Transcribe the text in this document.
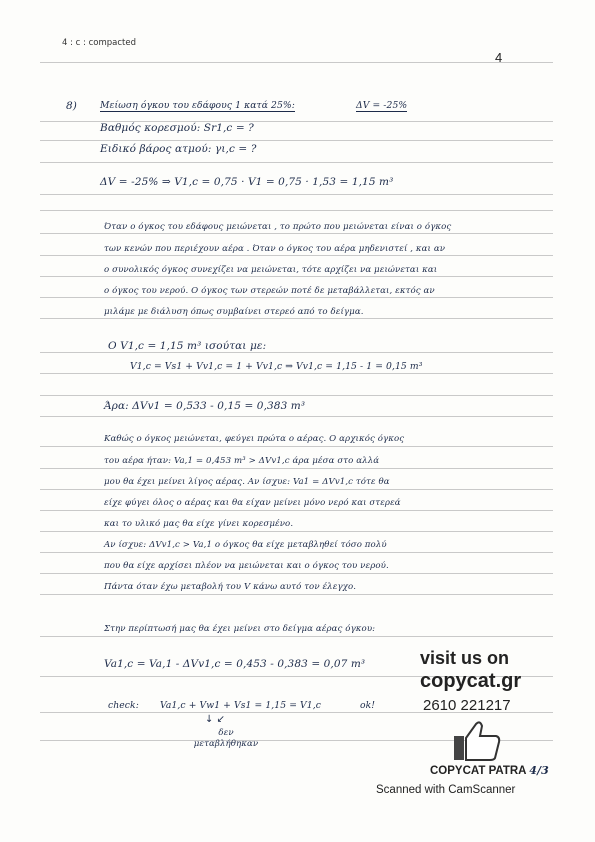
4 : c : compacted
4
8)	Μείωση όγκου του εδάφους 1 κατά 25%:	ΔV = -25%
Βαθμός κορεσμού: Sr1,c = ?
Ειδικό βάρος ατμού: γι,c = ?
ΔV = -25% ⇒ V1,c = 0,75 · V1 = 0,75 · 1,53 = 1,15 m³
Όταν ο όγκος του εδάφους μειώνεται , το πρώτο που μειώνεται είναι ο όγκος
των κενών που περιέχουν αέρα . Όταν ο όγκος του αέρα μηδενιστεί , και αν
ο συνολικός όγκος συνεχίζει να μειώνεται, τότε αρχίζει να μειώνεται και
ο όγκος του νερού. Ο όγκος των στερεών ποτέ δε μεταβάλλεται, εκτός αν
μιλάμε με διάλυση όπως συμβαίνει στερεό από το δείγμα.
Ο V1,c = 1,15 m³ ισούται με:
V1,c = Vs1 + Vv1,c = 1 + Vv1,c ⇒ Vv1,c = 1,15 - 1 = 0,15 m³
Άρα: ΔVv1 = 0,533 - 0,15 = 0,383 m³
Καθώς ο όγκος μειώνεται, φεύγει πρώτα ο αέρας. Ο αρχικός όγκος
του αέρα ήταν: Va,1 = 0,453 m³ > ΔVv1,c άρα μέσα στο αλλά
μου θα έχει μείνει λίγος αέρας. Αν ίσχυε: Va1 = ΔVv1,c τότε θα
είχε φύγει όλος ο αέρας και θα είχαν μείνει μόνο νερό και στερεά
και το υλικό μας θα είχε γίνει κορεσμένο.
Αν ίσχυε: ΔVv1,c > Va,1 ο όγκος θα είχε μεταβληθεί τόσο πολύ
που θα είχε αρχίσει πλέον να μειώνεται και ο όγκος του νερού.
Πάντα όταν έχω μεταβολή του V κάνω αυτό τον έλεγχο.
Στην περίπτωσή μας θα έχει μείνει στο δείγμα αέρας όγκου:
Va1,c = Va,1 - ΔVv1,c = 0,453 - 0,383 = 0,07 m³
check: Va1,c + Vw1 + Vs1 = 1,15 = V1,c	ok!
↓ ↙
δεν μεταβλήθηκαν
visit us on
copycat.gr
2610 221217
COPYCAT PATRA 4/3
Scanned with CamScanner
